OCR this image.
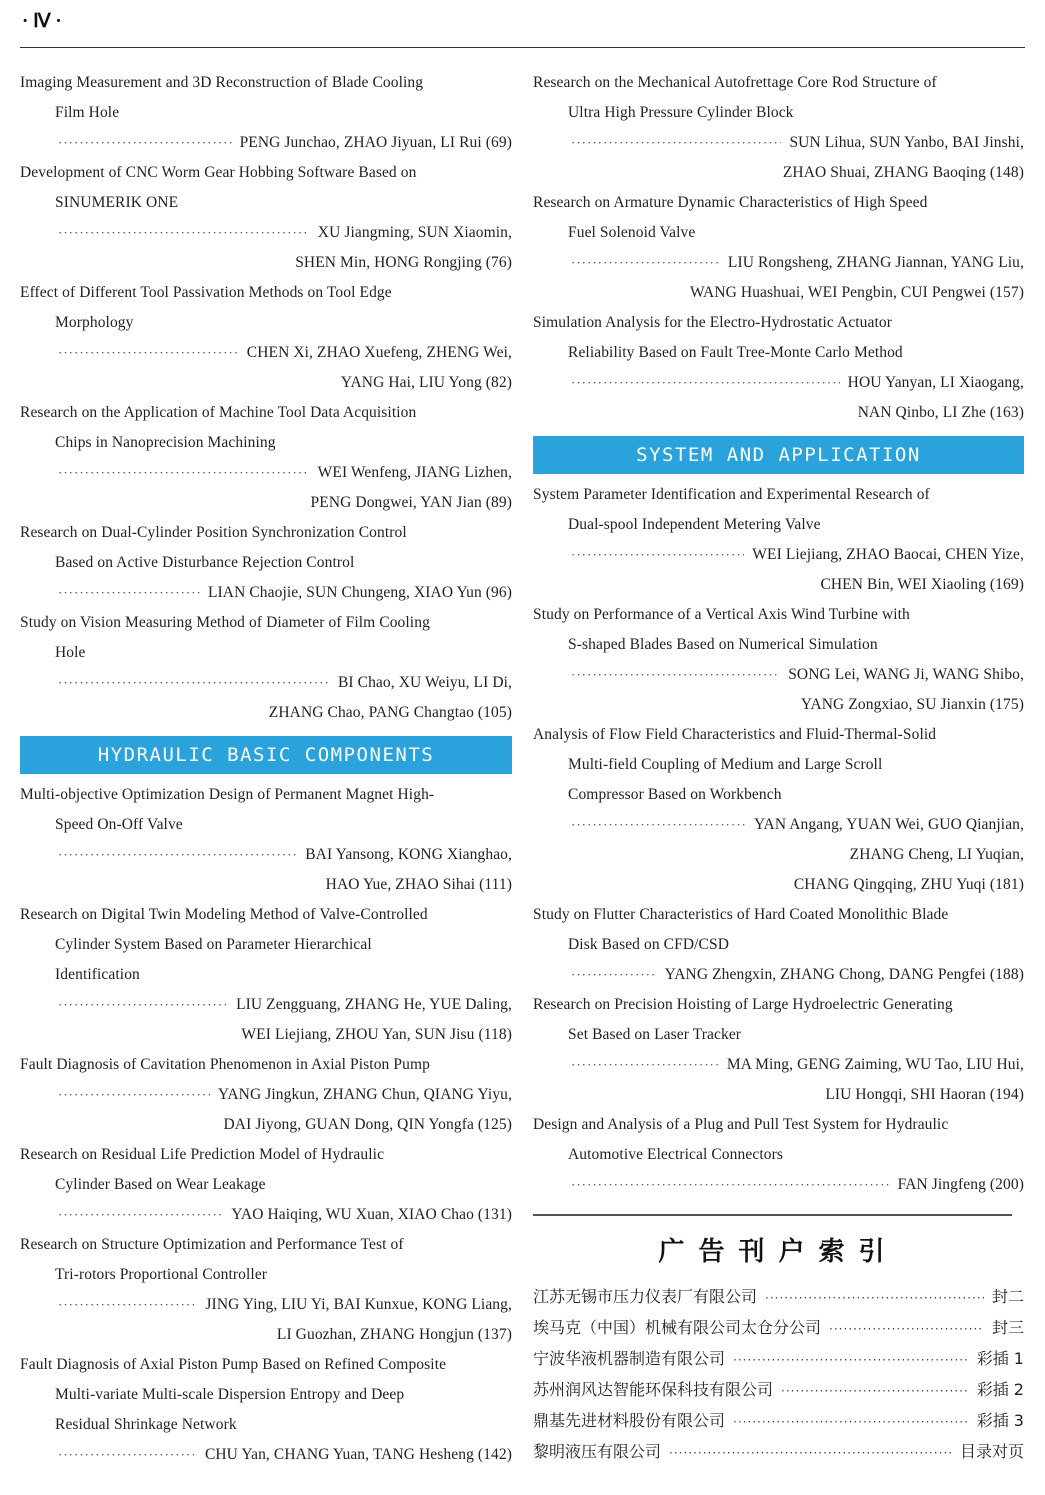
· Ⅳ ·
Imaging Measurement and 3D Reconstruction of Blade Cooling
Film Hole
·····
PENG Junchao, ZHAO Jiyuan, LI Rui (69)
Development of CNC Worm Gear Hobbing Software Based on
SINUMERIK ONE
·····
XU Jiangming, SUN Xiaomin,
SHEN Min, HONG Rongjing (76)
Effect of Different Tool Passivation Methods on Tool Edge
Morphology
·····
CHEN Xi, ZHAO Xuefeng, ZHENG Wei,
YANG Hai, LIU Yong (82)
Research on the Application of Machine Tool Data Acquisition
Chips in Nanoprecision Machining
·····
WEI Wenfeng, JIANG Lizhen,
PENG Dongwei, YAN Jian (89)
Research on Dual-Cylinder Position Synchronization Control
Based on Active Disturbance Rejection Control
·····
LIAN Chaojie, SUN Chungeng, XIAO Yun (96)
Study on Vision Measuring Method of Diameter of Film Cooling
Hole
·····
BI Chao, XU Weiyu, LI Di,
ZHANG Chao, PANG Changtao (105)
HYDRAULIC BASIC COMPONENTS
Multi-objective Optimization Design of Permanent Magnet High-
Speed On-Off Valve
·····
BAI Yansong, KONG Xianghao,
HAO Yue, ZHAO Sihai (111)
Research on Digital Twin Modeling Method of Valve-Controlled
Cylinder System Based on Parameter Hierarchical
Identification
·····
LIU Zengguang, ZHANG He, YUE Daling,
WEI Liejiang, ZHOU Yan, SUN Jisu (118)
Fault Diagnosis of Cavitation Phenomenon in Axial Piston Pump
·····
YANG Jingkun, ZHANG Chun, QIANG Yiyu,
DAI Jiyong, GUAN Dong, QIN Yongfa (125)
Research on Residual Life Prediction Model of Hydraulic
Cylinder Based on Wear Leakage
·····
YAO Haiqing, WU Xuan, XIAO Chao (131)
Research on Structure Optimization and Performance Test of
Tri-rotors Proportional Controller
·····
JING Ying, LIU Yi, BAI Kunxue, KONG Liang,
LI Guozhan, ZHANG Hongjun (137)
Fault Diagnosis of Axial Piston Pump Based on Refined Composite
Multi-variate Multi-scale Dispersion Entropy and Deep
Residual Shrinkage Network
·····
CHU Yan, CHANG Yuan, TANG Hesheng (142)
Research on the Mechanical Autofrettage Core Rod Structure of
Ultra High Pressure Cylinder Block
·····
SUN Lihua, SUN Yanbo, BAI Jinshi,
ZHAO Shuai, ZHANG Baoqing (148)
Research on Armature Dynamic Characteristics of High Speed
Fuel Solenoid Valve
·····
LIU Rongsheng, ZHANG Jiannan, YANG Liu,
WANG Huashuai, WEI Pengbin, CUI Pengwei (157)
Simulation Analysis for the Electro-Hydrostatic Actuator
Reliability Based on Fault Tree-Monte Carlo Method
·····
HOU Yanyan, LI Xiaogang,
NAN Qinbo, LI Zhe (163)
SYSTEM AND APPLICATION
System Parameter Identification and Experimental Research of
Dual-spool Independent Metering Valve
·····
WEI Liejiang, ZHAO Baocai, CHEN Yize,
CHEN Bin, WEI Xiaoling (169)
Study on Performance of a Vertical Axis Wind Turbine with
S-shaped Blades Based on Numerical Simulation
·····
SONG Lei, WANG Ji, WANG Shibo,
YANG Zongxiao, SU Jianxin (175)
Analysis of Flow Field Characteristics and Fluid-Thermal-Solid
Multi-field Coupling of Medium and Large Scroll
Compressor Based on Workbench
·····
YAN Angang, YUAN Wei, GUO Qianjian,
ZHANG Cheng, LI Yuqian,
CHANG Qingqing, ZHU Yuqi (181)
Study on Flutter Characteristics of Hard Coated Monolithic Blade
Disk Based on CFD/CSD
·····
YANG Zhengxin, ZHANG Chong, DANG Pengfei (188)
Research on Precision Hoisting of Large Hydroelectric Generating
Set Based on Laser Tracker
·····
MA Ming, GENG Zaiming, WU Tao, LIU Hui,
LIU Hongqi, SHI Haoran (194)
Design and Analysis of a Plug and Pull Test System for Hydraulic
Automotive Electrical Connectors
·····
FAN Jingfeng (200)
广告刊户索引
江苏无锡市压力仪表厂有限公司 ·····	封二
埃马克（中国）机械有限公司太仓分公司 ·····	封三
宁波华液机器制造有限公司 ·····	彩插 1
苏州润风达智能环保科技有限公司 ·····	彩插 2
鼎基先进材料股份有限公司 ·····	彩插 3
黎明液压有限公司 ·····	目录对页
